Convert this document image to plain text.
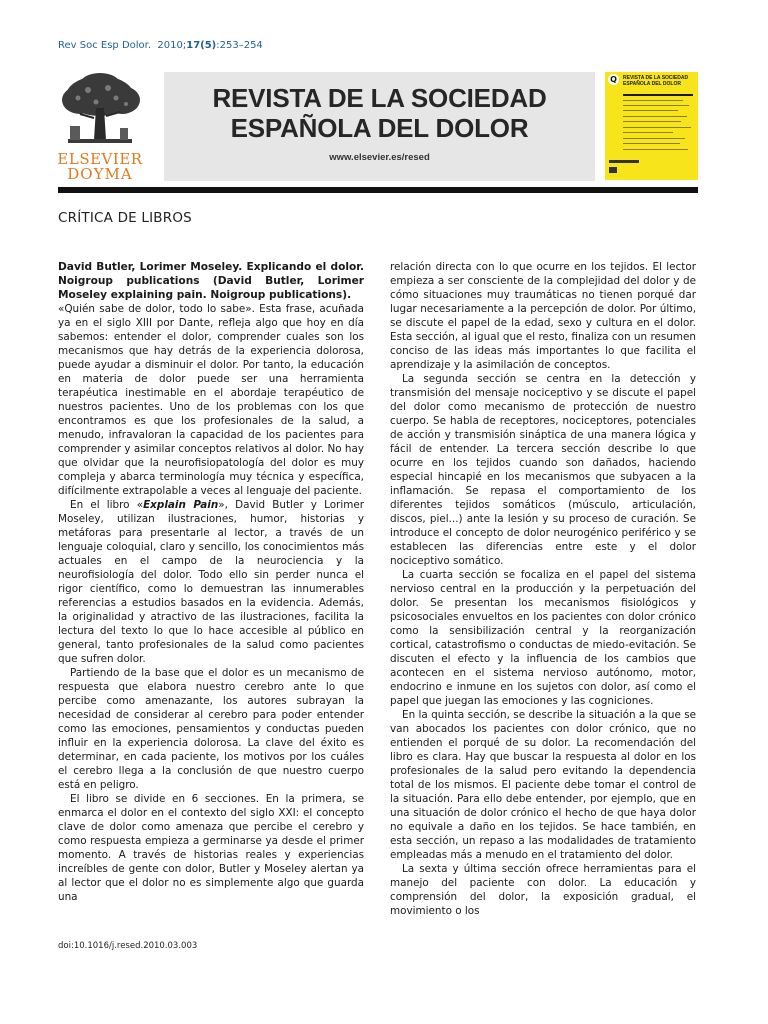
Rev Soc Esp Dolor. 2010;17(5):253–254
ELSEVIER
DOYMA
REVISTA DE LA SOCIEDAD
ESPAÑOLA DEL DOLOR
www.elsevier.es/resed
Q	REVISTA DE LA SOCIEDAD ESPAÑOLA DEL DOLOR
CRÍTICA DE LIBROS

David Butler, Lorimer Moseley. Explicando el dolor. Noigroup publications (David Butler, Lorimer Moseley explaining pain. Noigroup publications).

«Quién sabe de dolor, todo lo sabe». Esta frase, acuñada ya en el siglo XIII por Dante, refleja algo que hoy en día sabemos: entender el dolor, comprender cuales son los mecanismos que hay detrás de la experiencia dolorosa, puede ayudar a disminuir el dolor. Por tanto, la educación en materia de dolor puede ser una herramienta terapéutica inestimable en el abordaje terapéutico de nuestros pacientes. Uno de los problemas con los que encontramos es que los profesionales de la salud, a menudo, infravaloran la capacidad de los pacientes para comprender y asimilar conceptos relativos al dolor. No hay que olvidar que la neurofisiopatología del dolor es muy compleja y abarca terminología muy técnica y específica, difícilmente extrapolable a veces al lenguaje del paciente.

En el libro «Explain Pain», David Butler y Lorimer Moseley, utilizan ilustraciones, humor, historias y metáforas para presentarle al lector, a través de un lenguaje coloquial, claro y sencillo, los conocimientos más actuales en el campo de la neurociencia y la neurofisiología del dolor. Todo ello sin perder nunca el rigor científico, como lo demuestran las innumerables referencias a estudios basados en la evidencia. Además, la originalidad y atractivo de las ilustraciones, facilita la lectura del texto lo que lo hace accesible al público en general, tanto profesionales de la salud como pacientes que sufren dolor.

Partiendo de la base que el dolor es un mecanismo de respuesta que elabora nuestro cerebro ante lo que percibe como amenazante, los autores subrayan la necesidad de considerar al cerebro para poder entender como las emociones, pensamientos y conductas pueden influir en la experiencia dolorosa. La clave del éxito es determinar, en cada paciente, los motivos por los cuáles el cerebro llega a la conclusión de que nuestro cuerpo está en peligro.

El libro se divide en 6 secciones. En la primera, se enmarca el dolor en el contexto del siglo XXI: el concepto clave de dolor como amenaza que percibe el cerebro y como respuesta empieza a germinarse ya desde el primer momento. A través de historias reales y experiencias increíbles de gente con dolor, Butler y Moseley alertan ya al lector que el dolor no es simplemente algo que guarda una

relación directa con lo que ocurre en los tejidos. El lector empieza a ser consciente de la complejidad del dolor y de cómo situaciones muy traumáticas no tienen porqué dar lugar necesariamente a la percepción de dolor. Por último, se discute el papel de la edad, sexo y cultura en el dolor. Esta sección, al igual que el resto, finaliza con un resumen conciso de las ideas más importantes lo que facilita el aprendizaje y la asimilación de conceptos.

La segunda sección se centra en la detección y transmisión del mensaje nociceptivo y se discute el papel del dolor como mecanismo de protección de nuestro cuerpo. Se habla de receptores, nociceptores, potenciales de acción y transmisión sináptica de una manera lógica y fácil de entender. La tercera sección describe lo que ocurre en los tejidos cuando son dañados, haciendo especial hincapié en los mecanismos que subyacen a la inflamación. Se repasa el comportamiento de los diferentes tejidos somáticos (músculo, articulación, discos, piel...) ante la lesión y su proceso de curación. Se introduce el concepto de dolor neurogénico periférico y se establecen las diferencias entre este y el dolor nociceptivo somático.

La cuarta sección se focaliza en el papel del sistema nervioso central en la producción y la perpetuación del dolor. Se presentan los mecanismos fisiológicos y psicosociales envueltos en los pacientes con dolor crónico como la sensibilización central y la reorganización cortical, catastrofismo o conductas de miedo-evitación. Se discuten el efecto y la influencia de los cambios que acontecen en el sistema nervioso autónomo, motor, endocrino e inmune en los sujetos con dolor, así como el papel que juegan las emociones y las cogniciones.

En la quinta sección, se describe la situación a la que se van abocados los pacientes con dolor crónico, que no entienden el porqué de su dolor. La recomendación del libro es clara. Hay que buscar la respuesta al dolor en los profesionales de la salud pero evitando la dependencia total de los mismos. El paciente debe tomar el control de la situación. Para ello debe entender, por ejemplo, que en una situación de dolor crónico el hecho de que haya dolor no equivale a daño en los tejidos. Se hace también, en esta sección, un repaso a las modalidades de tratamiento empleadas más a menudo en el tratamiento del dolor.

La sexta y última sección ofrece herramientas para el manejo del paciente con dolor. La educación y comprensión del dolor, la exposición gradual, el movimiento o los

doi:10.1016/j.resed.2010.03.003
